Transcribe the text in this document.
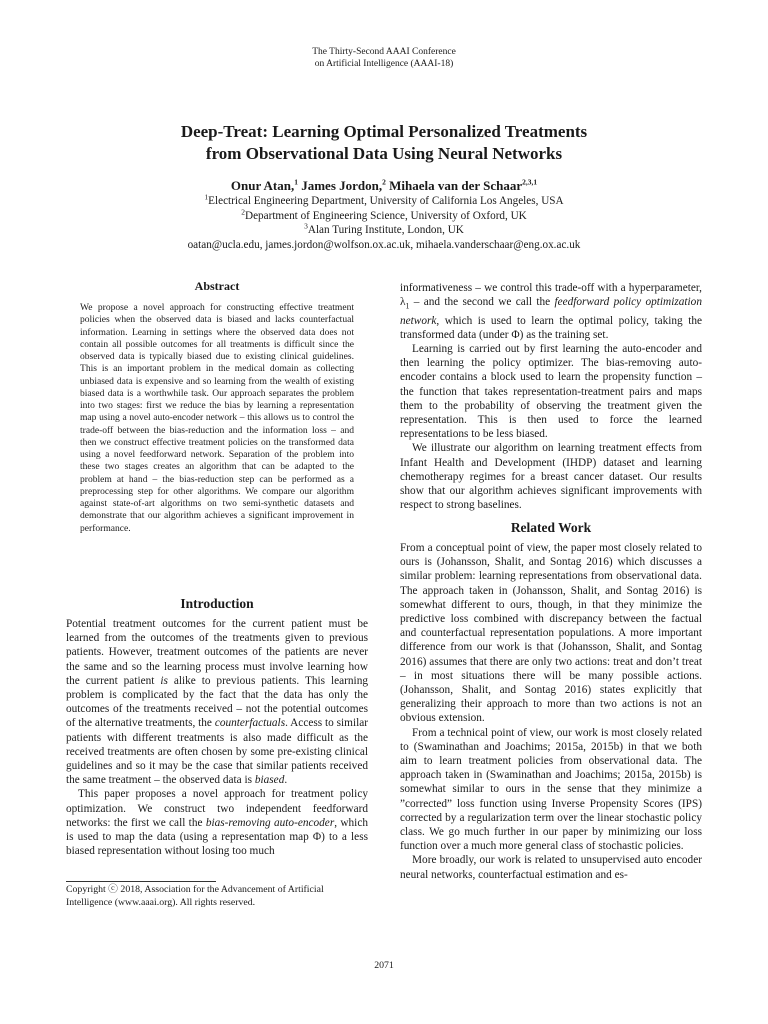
The Thirty-Second AAAI Conference
on Artificial Intelligence (AAAI-18)
Deep-Treat: Learning Optimal Personalized Treatments
from Observational Data Using Neural Networks
Onur Atan,$^1$ James Jordon,$^2$ Mihaela van der Schaar$^{2,3,1}$
$^1$Electrical Engineering Department, University of California Los Angeles, USA
$^2$Department of Engineering Science, University of Oxford, UK
$^3$Alan Turing Institute, London, UK
oatan@ucla.edu, james.jordon@wolfson.ox.ac.uk, mihaela.vanderschaar@eng.ox.ac.uk
Abstract
We propose a novel approach for constructing effective treatment policies when the observed data is biased and lacks counterfactual information. Learning in settings where the observed data does not contain all possible outcomes for all treatments is difficult since the observed data is typically biased due to existing clinical guidelines. This is an important problem in the medical domain as collecting unbiased data is expensive and so learning from the wealth of existing biased data is a worthwhile task. Our approach separates the problem into two stages: first we reduce the bias by learning a representation map using a novel auto-encoder network – this allows us to control the trade-off between the bias-reduction and the information loss – and then we construct effective treatment policies on the transformed data using a novel feedforward network. Separation of the problem into these two stages creates an algorithm that can be adapted to the problem at hand – the bias-reduction step can be performed as a preprocessing step for other algorithms. We compare our algorithm against state-of-art algorithms on two semi-synthetic datasets and demonstrate that our algorithm achieves a significant improvement in performance.
Introduction

Potential treatment outcomes for the current patient must be learned from the outcomes of the treatments given to previous patients. However, treatment outcomes of the patients are never the same and so the learning process must involve learning how the current patient is alike to previous patients. This learning problem is complicated by the fact that the data has only the outcomes of the treatments received – not the potential outcomes of the alternative treatments, the counterfactuals. Access to similar patients with different treatments is also made difficult as the received treatments are often chosen by some pre-existing clinical guidelines and so it may be the case that similar patients received the same treatment – the observed data is biased.

This paper proposes a novel approach for treatment policy optimization. We construct two independent feedforward networks: the first we call the bias-removing auto-encoder, which is used to map the data (using a representation map Φ) to a less biased representation without losing too much

Copyright ⓒ 2018, Association for the Advancement of Artificial Intelligence (www.aaai.org). All rights reserved.

informativeness – we control this trade-off with a hyperparameter, $\lambda_1$ – and the second we call the feedforward policy optimization network, which is used to learn the optimal policy, taking the transformed data (under Φ) as the training set.

Learning is carried out by first learning the auto-encoder and then learning the policy optimizer. The bias-removing auto-encoder contains a block used to learn the propensity function – the function that takes representation-treatment pairs and maps them to the probability of observing the treatment given the representation. This is then used to force the learned representations to be less biased.

We illustrate our algorithm on learning treatment effects from Infant Health and Development (IHDP) dataset and learning chemotherapy regimes for a breast cancer dataset. Our results show that our algorithm achieves significant improvements with respect to strong baselines.

Related Work

From a conceptual point of view, the paper most closely related to ours is (Johansson, Shalit, and Sontag 2016) which discusses a similar problem: learning representations from observational data. The approach taken in (Johansson, Shalit, and Sontag 2016) is somewhat different to ours, though, in that they minimize the predictive loss combined with discrepancy between the factual and counterfactual representation populations. A more important difference from our work is that (Johansson, Shalit, and Sontag 2016) assumes that there are only two actions: treat and don’t treat – in most situations there will be many possible actions. (Johansson, Shalit, and Sontag 2016) states explicitly that generalizing their approach to more than two actions is not an obvious extension.

From a technical point of view, our work is most closely related to (Swaminathan and Joachims; 2015a, 2015b) in that we both aim to learn treatment policies from observational data. The approach taken in (Swaminathan and Joachims; 2015a, 2015b) is somewhat similar to ours in the sense that they minimize a ”corrected” loss function using Inverse Propensity Scores (IPS) corrected by a regularization term over the linear stochastic policy class. We go much further in our paper by minimizing our loss function over a much more general class of stochastic policies.

More broadly, our work is related to unsupervised auto encoder neural networks, counterfactual estimation and es-

2071
